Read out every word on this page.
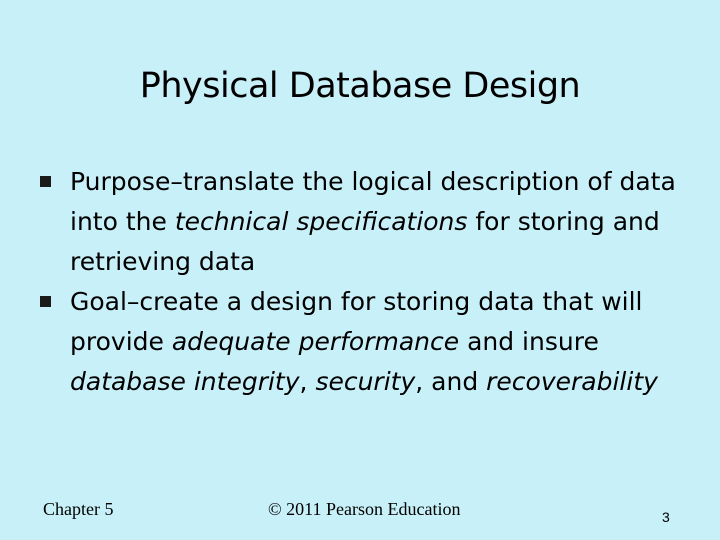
Physical Database Design
Purpose–translate the logical description of data into the technical specifications for storing and retrieving data
Goal–create a design for storing data that will provide adequate performance and insure database integrity, security, and recoverability
Chapter 5	© 2011 Pearson Education	3
